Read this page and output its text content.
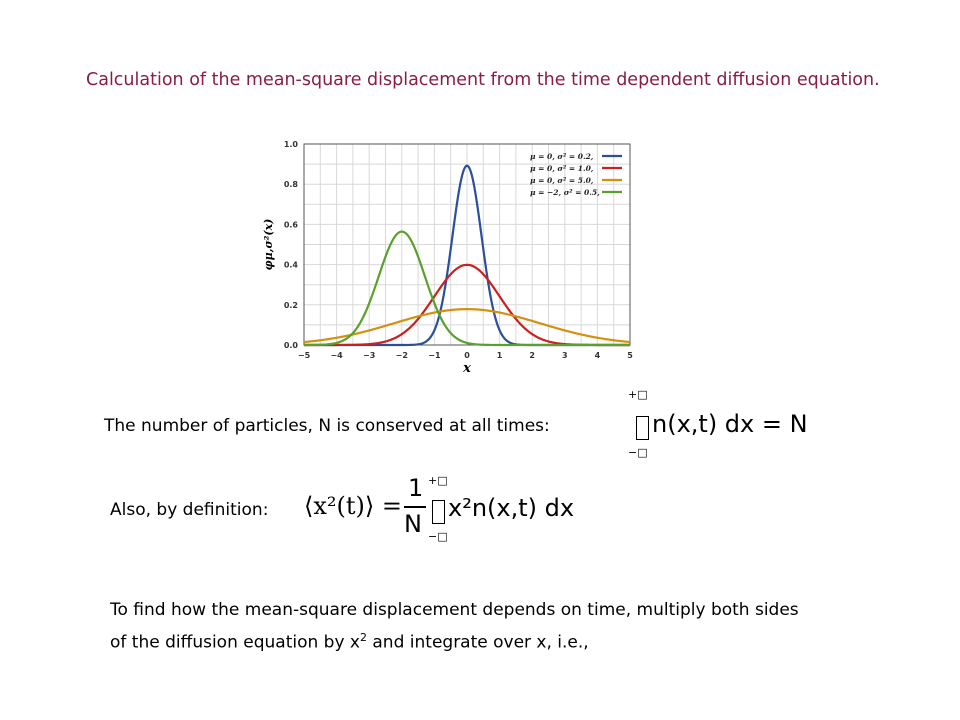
Calculation of the mean-square displacement from the time dependent diffusion equation.

−5	−4	−3	−2	−1	0	1	2	3	4	5
0.0
0.2
0.4
0.6
0.8
1.0
μ = 0, σ² = 0.2,
μ = 0, σ² = 1.0,
μ = 0, σ² = 5.0,
μ = −2, σ² = 0.5,
x
φμ,σ²(x)
The number of particles, N is conserved at all times:
+□
n(x,t) dx = N
−□
Also, by definition: ⟨x²(t)⟩ =
1
N
+□
x²n(x,t) dx
−□
To find how the mean-square displacement depends on time, multiply both sides
of the diffusion equation by $x^2$ and integrate over x, i.e.,
